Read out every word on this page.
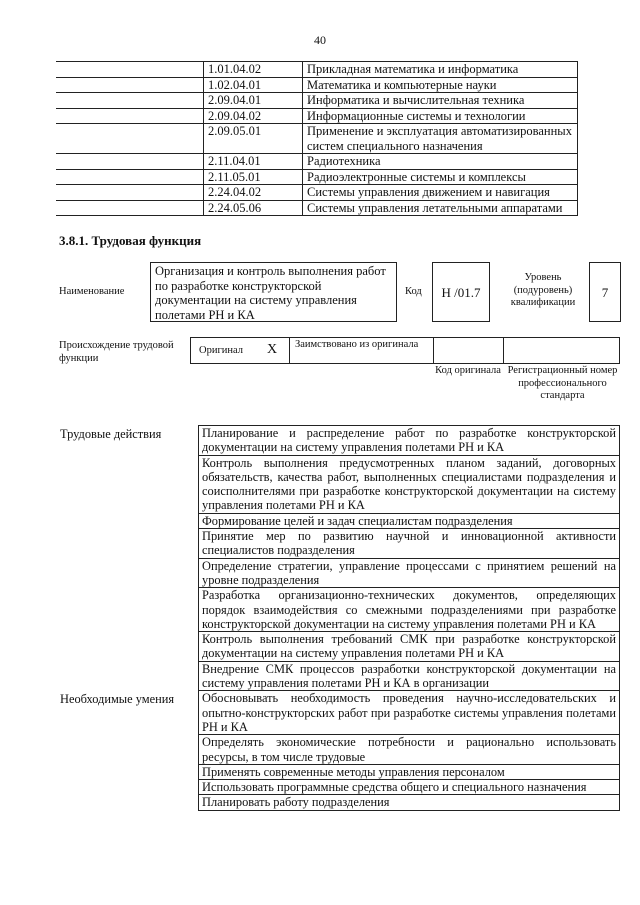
40
	1.01.04.02	Прикладная математика и информатика
	1.02.04.01	Математика и компьютерные науки
	2.09.04.01	Информатика и вычислительная техника
	2.09.04.02	Информационные системы и технологии
	2.09.05.01	Применение и эксплуатация автоматизированных систем специального назначения
	2.11.04.01	Радиотехника
	2.11.05.01	Радиоэлектронные системы и комплексы
	2.24.04.02	Системы управления движением и навигация
	2.24.05.06	Системы управления летательными аппаратами
3.8.1. Трудовая функция
Наименование
Организация и контроль выполнения работ по разработке конструкторской документации на систему управления полетами РН и КА
Код	Н /01.7
Уровень (подуровень) квалификации
7
Происхождение трудовой функции
Оригинал X Заимствовано из оригинала
Код оригинала Регистрационный номер профессионального стандарта
Трудовые действия	Планирование и распределение работ по разработке конструкторской документации на систему управления полетами РН и КА
	Контроль выполнения предусмотренных планом заданий, договорных обязательств, качества работ, выполненных специалистами подразделения и соисполнителями при разработке конструкторской документации на систему управления полетами РН и КА
	Формирование целей и задач специалистам подразделения
	Принятие мер по развитию научной и инновационной активности специалистов подразделения
	Определение стратегии, управление процессами с принятием решений на уровне подразделения
	Разработка организационно-технических документов, определяющих порядок взаимодействия со смежными подразделениями при разработке конструкторской документации на систему управления полетами РН и КА
	Контроль выполнения требований СМК при разработке конструкторской документации на систему управления полетами РН и КА
	Внедрение СМК процессов разработки конструкторской документации на систему управления полетами РН и КА в организации
Необходимые умения	Обосновывать необходимость проведения научно-исследовательских и опытно-конструкторских работ при разработке системы управления полетами РН и КА
	Определять экономические потребности и рационально использовать ресурсы, в том числе трудовые
	Применять современные методы управления персоналом
	Использовать программные средства общего и специального назначения
	Планировать работу подразделения
